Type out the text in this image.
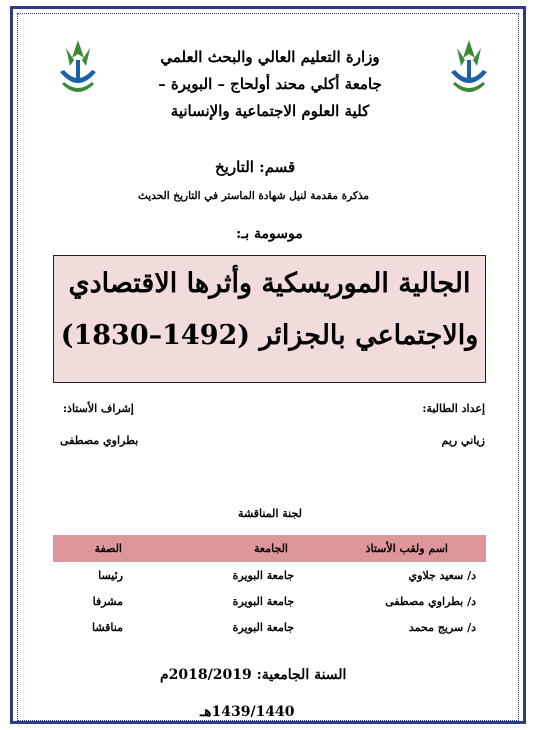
وزارة التعليم العالي والبحث العلمي
جامعة أكلي محند أولحاج – البويرة –
كلية العلوم الاجتماعية والإنسانية
قسم: التاريخ
مذكرة مقدمة لنيل شهادة الماستر في التاريخ الحديث
موسومة بـ:
الجالية الموريسكية وأثرها الاقتصادي
والاجتماعي بالجزائر (1492–1830)
إعداد الطالبة:
إشراف الأستاذ:
زياني ريم
بطراوي مصطفى
لجنة المناقشة
اسم ولقب الأستاذ
الجامعة
الصفة
د/ سعيد جلاوي
جامعة البويرة
رئيسا
د/ بطراوي مصطفى
جامعة البويرة
مشرفا
د/ سريج محمد
جامعة البويرة
مناقشا
السنة الجامعية: 2018/2019م
1439/1440هـ
